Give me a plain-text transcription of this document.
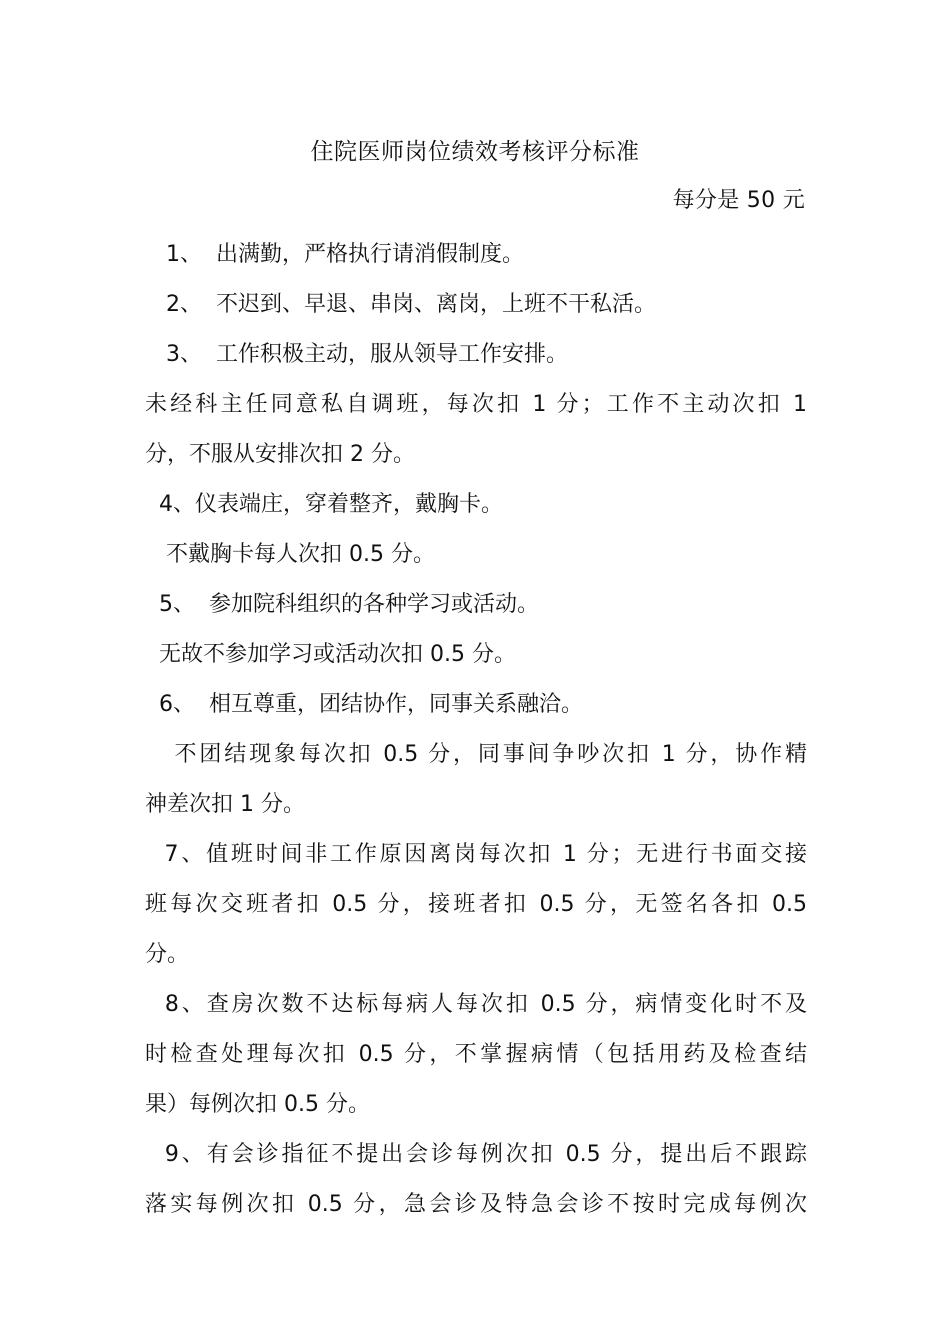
住院医师岗位绩效考核评分标准
每分是 50 元
1、  出满勤，严格执行请消假制度。
2、  不迟到、早退、串岗、离岗，上班不干私活。
3、  工作积极主动，服从领导工作安排。
未经科主任同意私自调班，每次扣 1 分；工作不主动次扣 1
分，不服从安排次扣 2 分。
4、仪表端庄，穿着整齐，戴胸卡。
不戴胸卡每人次扣 0.5 分。
5、  参加院科组织的各种学习或活动。
无故不参加学习或活动次扣 0.5 分。
6、  相互尊重，团结协作，同事关系融洽。
不团结现象每次扣 0.5 分，同事间争吵次扣 1 分，协作精
神差次扣 1 分。
7、值班时间非工作原因离岗每次扣 1 分；无进行书面交接
班每次交班者扣 0.5 分，接班者扣 0.5 分，无签名各扣 0.5
分。
8、查房次数不达标每病人每次扣 0.5 分，病情变化时不及
时检查处理每次扣 0.5 分，不掌握病情（包括用药及检查结
果）每例次扣 0.5 分。
9、有会诊指征不提出会诊每例次扣 0.5 分，提出后不跟踪
落实每例次扣 0.5 分，急会诊及特急会诊不按时完成每例次
